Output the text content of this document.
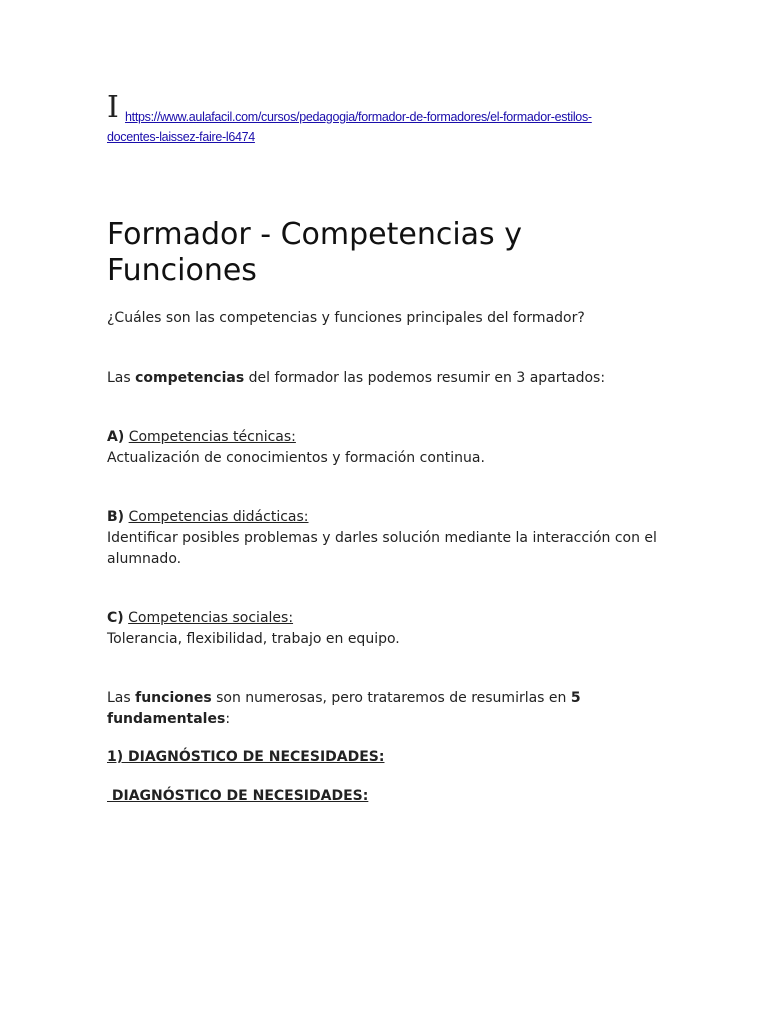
I https://www.aulafacil.com/cursos/pedagogia/formador-de-formadores/el-formador-estilos-
docentes-laissez-faire-l6474
Formador - Competencias y Funciones

¿Cuáles son las competencias y funciones principales del formador?

Las competencias del formador las podemos resumir en 3 apartados:

A) Competencias técnicas:
Actualización de conocimientos y formación continua.
B) Competencias didácticas:
Identificar posibles problemas y darles solución mediante la interacción con el alumnado.
C) Competencias sociales:
Tolerancia, flexibilidad, trabajo en equipo.

Las funciones son numerosas, pero trataremos de resumirlas en 5 fundamentales:

1) DIAGNÓSTICO DE NECESIDADES:

DIAGNÓSTICO DE NECESIDADES:
